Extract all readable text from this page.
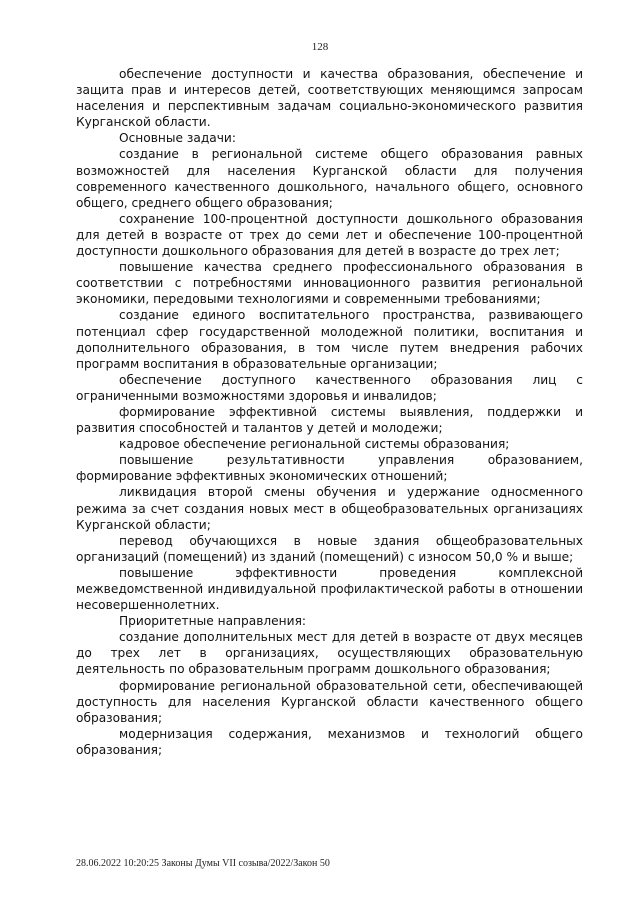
128

обеспечение доступности и качества образования, обеспечение и защита прав и интересов детей, соответствующих меняющимся запросам населения и перспективным задачам социально-экономического развития Курганской области.

Основные задачи:

создание в региональной системе общего образования равных возможностей для населения Курганской области для получения современного качественного дошкольного, начального общего, основного общего, среднего общего образования;

сохранение 100-процентной доступности дошкольного образования для детей в возрасте от трех до семи лет и обеспечение 100-процентной доступности дошкольного образования для детей в возрасте до трех лет;

повышение качества среднего профессионального образования в соответствии с потребностями инновационного развития региональной экономики, передовыми технологиями и современными требованиями;

создание единого воспитательного пространства, развивающего потенциал сфер государственной молодежной политики, воспитания и дополнительного образования, в том числе путем внедрения рабочих программ воспитания в образовательные организации;

обеспечение доступного качественного образования лиц с ограниченными возможностями здоровья и инвалидов;

формирование эффективной системы выявления, поддержки и развития способностей и талантов у детей и молодежи;

кадровое обеспечение региональной системы образования;

повышение результативности управления образованием, формирование эффективных экономических отношений;

ликвидация второй смены обучения и удержание односменного режима за счет создания новых мест в общеобразовательных организациях Курганской области;

перевод обучающихся в новые здания общеобразовательных организаций (помещений) из зданий (помещений) с износом 50,0 % и выше;

повышение эффективности проведения комплексной межведомственной индивидуальной профилактической работы в отношении несовершеннолетних.

Приоритетные направления:

создание дополнительных мест для детей в возрасте от двух месяцев до трех лет в организациях, осуществляющих образовательную деятельность по образовательным программ дошкольного образования;

формирование региональной образовательной сети, обеспечивающей доступность для населения Курганской области качественного общего образования;

модернизация содержания, механизмов и технологий общего образования;

28.06.2022 10:20:25 Законы Думы VII созыва/2022/Закон 50
